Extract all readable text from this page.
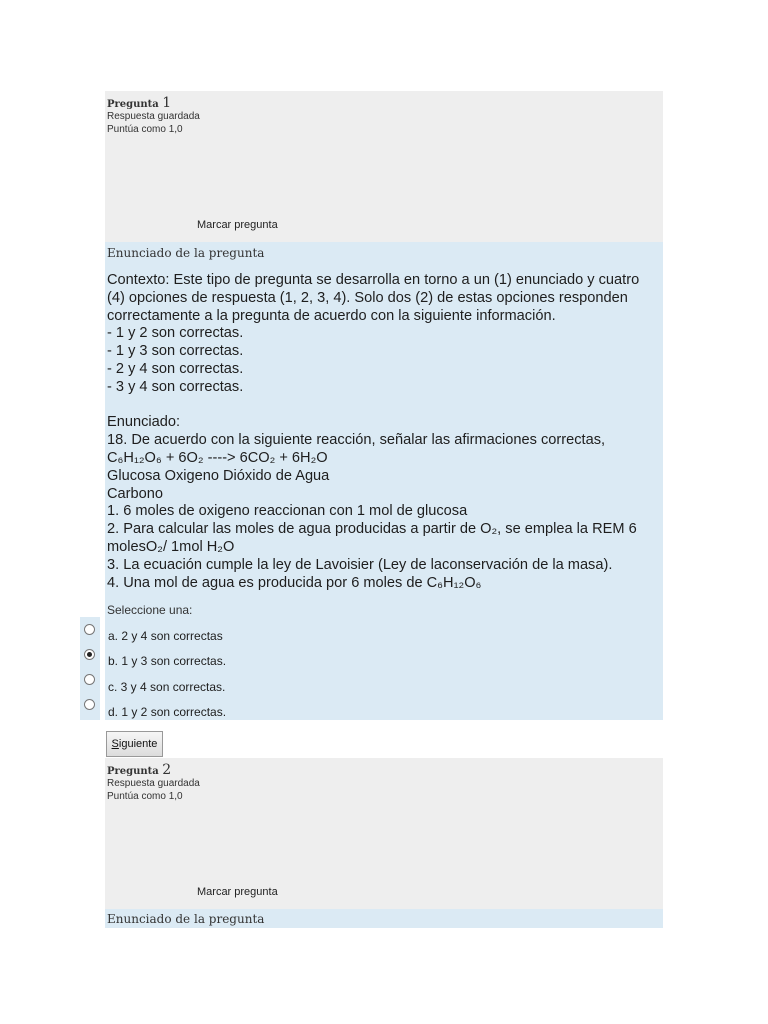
Pregunta 1
Respuesta guardada
Puntúa como 1,0
Marcar pregunta
Enunciado de la pregunta

Contexto: Este tipo de pregunta se desarrolla en torno a un (1) enunciado y cuatro

(4) opciones de respuesta (1, 2, 3, 4). Solo dos (2) de estas opciones responden

correctamente a la pregunta de acuerdo con la siguiente información.

- 1 y 2 son correctas.

- 1 y 3 son correctas.

- 2 y 4 son correctas.

- 3 y 4 son correctas.

Enunciado:

18. De acuerdo con la siguiente reacción, señalar las afirmaciones correctas,

C₆H₁₂O₆ + 6O₂ ----> 6CO₂ + 6H₂O

Glucosa Oxigeno Dióxido de Agua

Carbono

1. 6 moles de oxigeno reaccionan con 1 mol de glucosa

2. Para calcular las moles de agua producidas a partir de O₂, se emplea la REM 6

molesO₂/ 1mol H₂O

3. La ecuación cumple la ley de Lavoisier (Ley de laconservación de la masa).

4. Una mol de agua es producida por 6 moles de C₆H₁₂O₆

Seleccione una:
a. 2 y 4 son correctas
b. 1 y 3 son correctas.
c. 3 y 4 son correctas.
d. 1 y 2 son correctas.
Siguiente
Pregunta 2
Respuesta guardada
Puntúa como 1,0
Marcar pregunta
Enunciado de la pregunta
